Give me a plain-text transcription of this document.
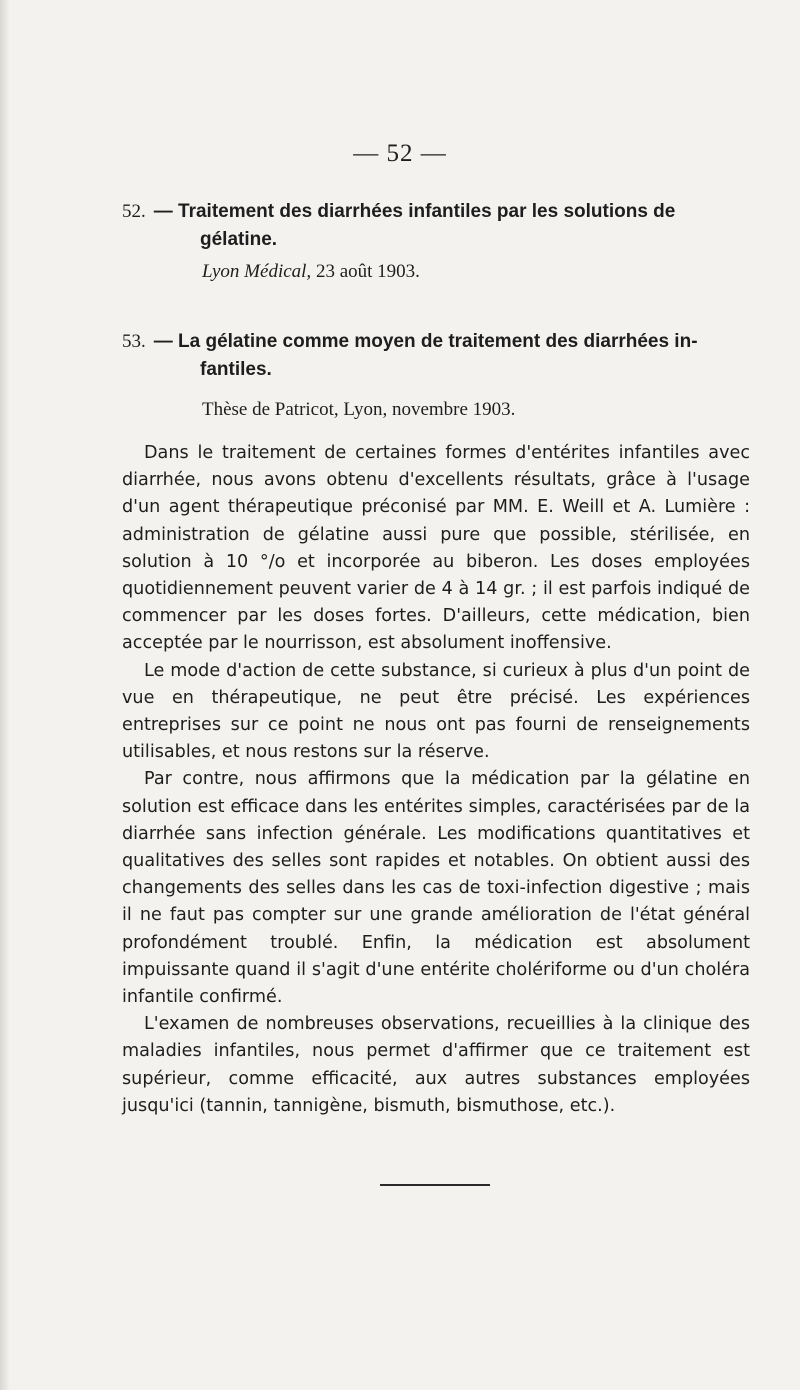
— 52 —

52. — Traitement des diarrhées infantiles par les solutions de
gélatine.

Lyon Médical, 23 août 1903.

53. — La gélatine comme moyen de traitement des diarrhées in-
fantiles.

Thèse de Patricot, Lyon, novembre 1903.

Dans le traitement de certaines formes d'entérites infantiles avec diarrhée, nous avons obtenu d'excellents résultats, grâce à l'usage d'un agent thérapeutique préconisé par MM. E. Weill et A. Lumière : administration de gélatine aussi pure que possible, stérilisée, en solution à 10 °/o et incorporée au biberon. Les doses employées quotidiennement peuvent varier de 4 à 14 gr. ; il est parfois indiqué de commencer par les doses fortes. D'ailleurs, cette médication, bien acceptée par le nourrisson, est absolument inoffensive.

Le mode d'action de cette substance, si curieux à plus d'un point de vue en thérapeutique, ne peut être précisé. Les expériences entreprises sur ce point ne nous ont pas fourni de renseignements utilisables, et nous restons sur la réserve.

Par contre, nous affirmons que la médication par la gélatine en solution est efficace dans les entérites simples, caractérisées par de la diarrhée sans infection générale. Les modifications quantitatives et qualitatives des selles sont rapides et notables. On obtient aussi des changements des selles dans les cas de toxi-infection digestive ; mais il ne faut pas compter sur une grande amélioration de l'état général profondément troublé. Enfin, la médication est absolument impuissante quand il s'agit d'une entérite cholériforme ou d'un choléra infantile confirmé.

L'examen de nombreuses observations, recueillies à la clinique des maladies infantiles, nous permet d'affirmer que ce traitement est supérieur, comme efficacité, aux autres substances employées jusqu'ici (tannin, tannigène, bismuth, bismuthose, etc.).
